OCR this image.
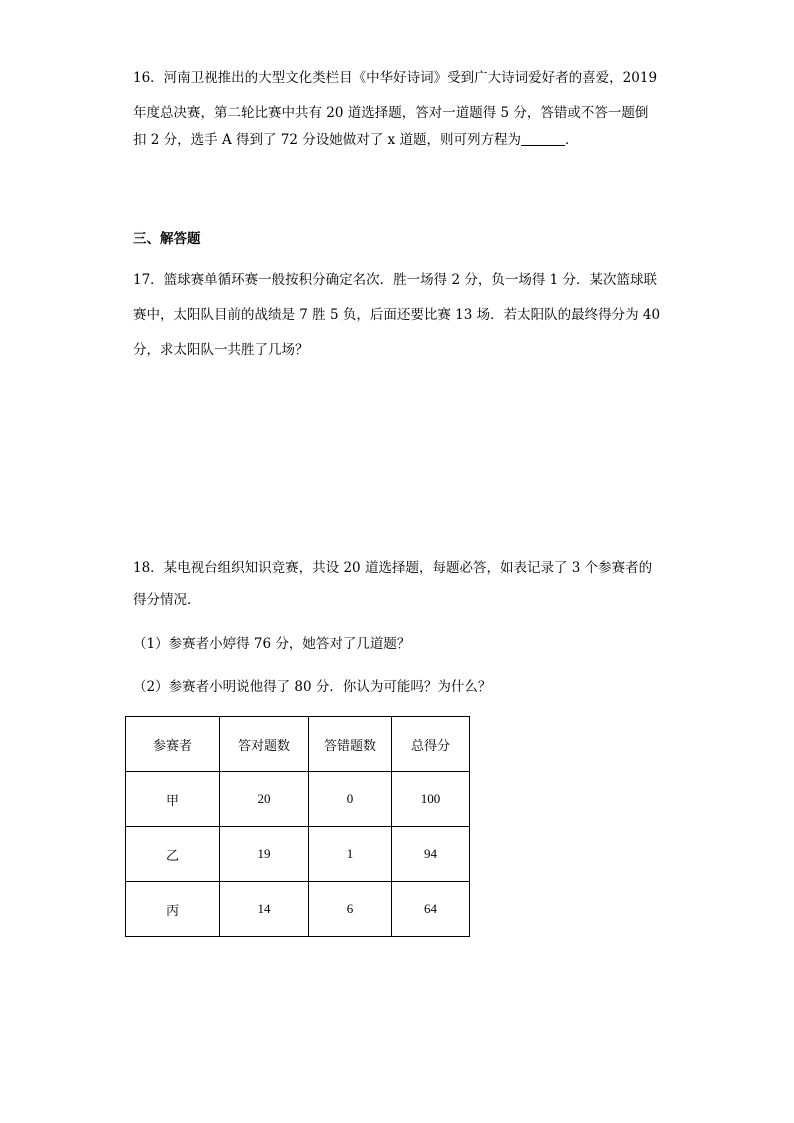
16．河南卫视推出的大型文化类栏目《中华好诗词》受到广大诗词爱好者的喜爱，2019
年度总决赛，第二轮比赛中共有 20 道选择题，答对一道题得 5 分，答错或不答一题倒
扣 2 分，选手 A 得到了 72 分设她做对了 x 道题，则可列方程为	．
三、解答题
17．篮球赛单循环赛一般按积分确定名次．胜一场得 2 分，负一场得 1 分．某次篮球联
赛中，太阳队目前的战绩是 7 胜 5 负，后面还要比赛 13 场．若太阳队的最终得分为 40
分，求太阳队一共胜了几场？
18．某电视台组织知识竞赛，共设 20 道选择题，每题必答，如表记录了 3 个参赛者的
得分情况．
（1）参赛者小婷得 76 分，她答对了几道题？
（2）参赛者小明说他得了 80 分．你认为可能吗？为什么？
参赛者	答对题数	答错题数	总得分
甲	20	0	100
乙	19	1	94
丙	14	6	64
